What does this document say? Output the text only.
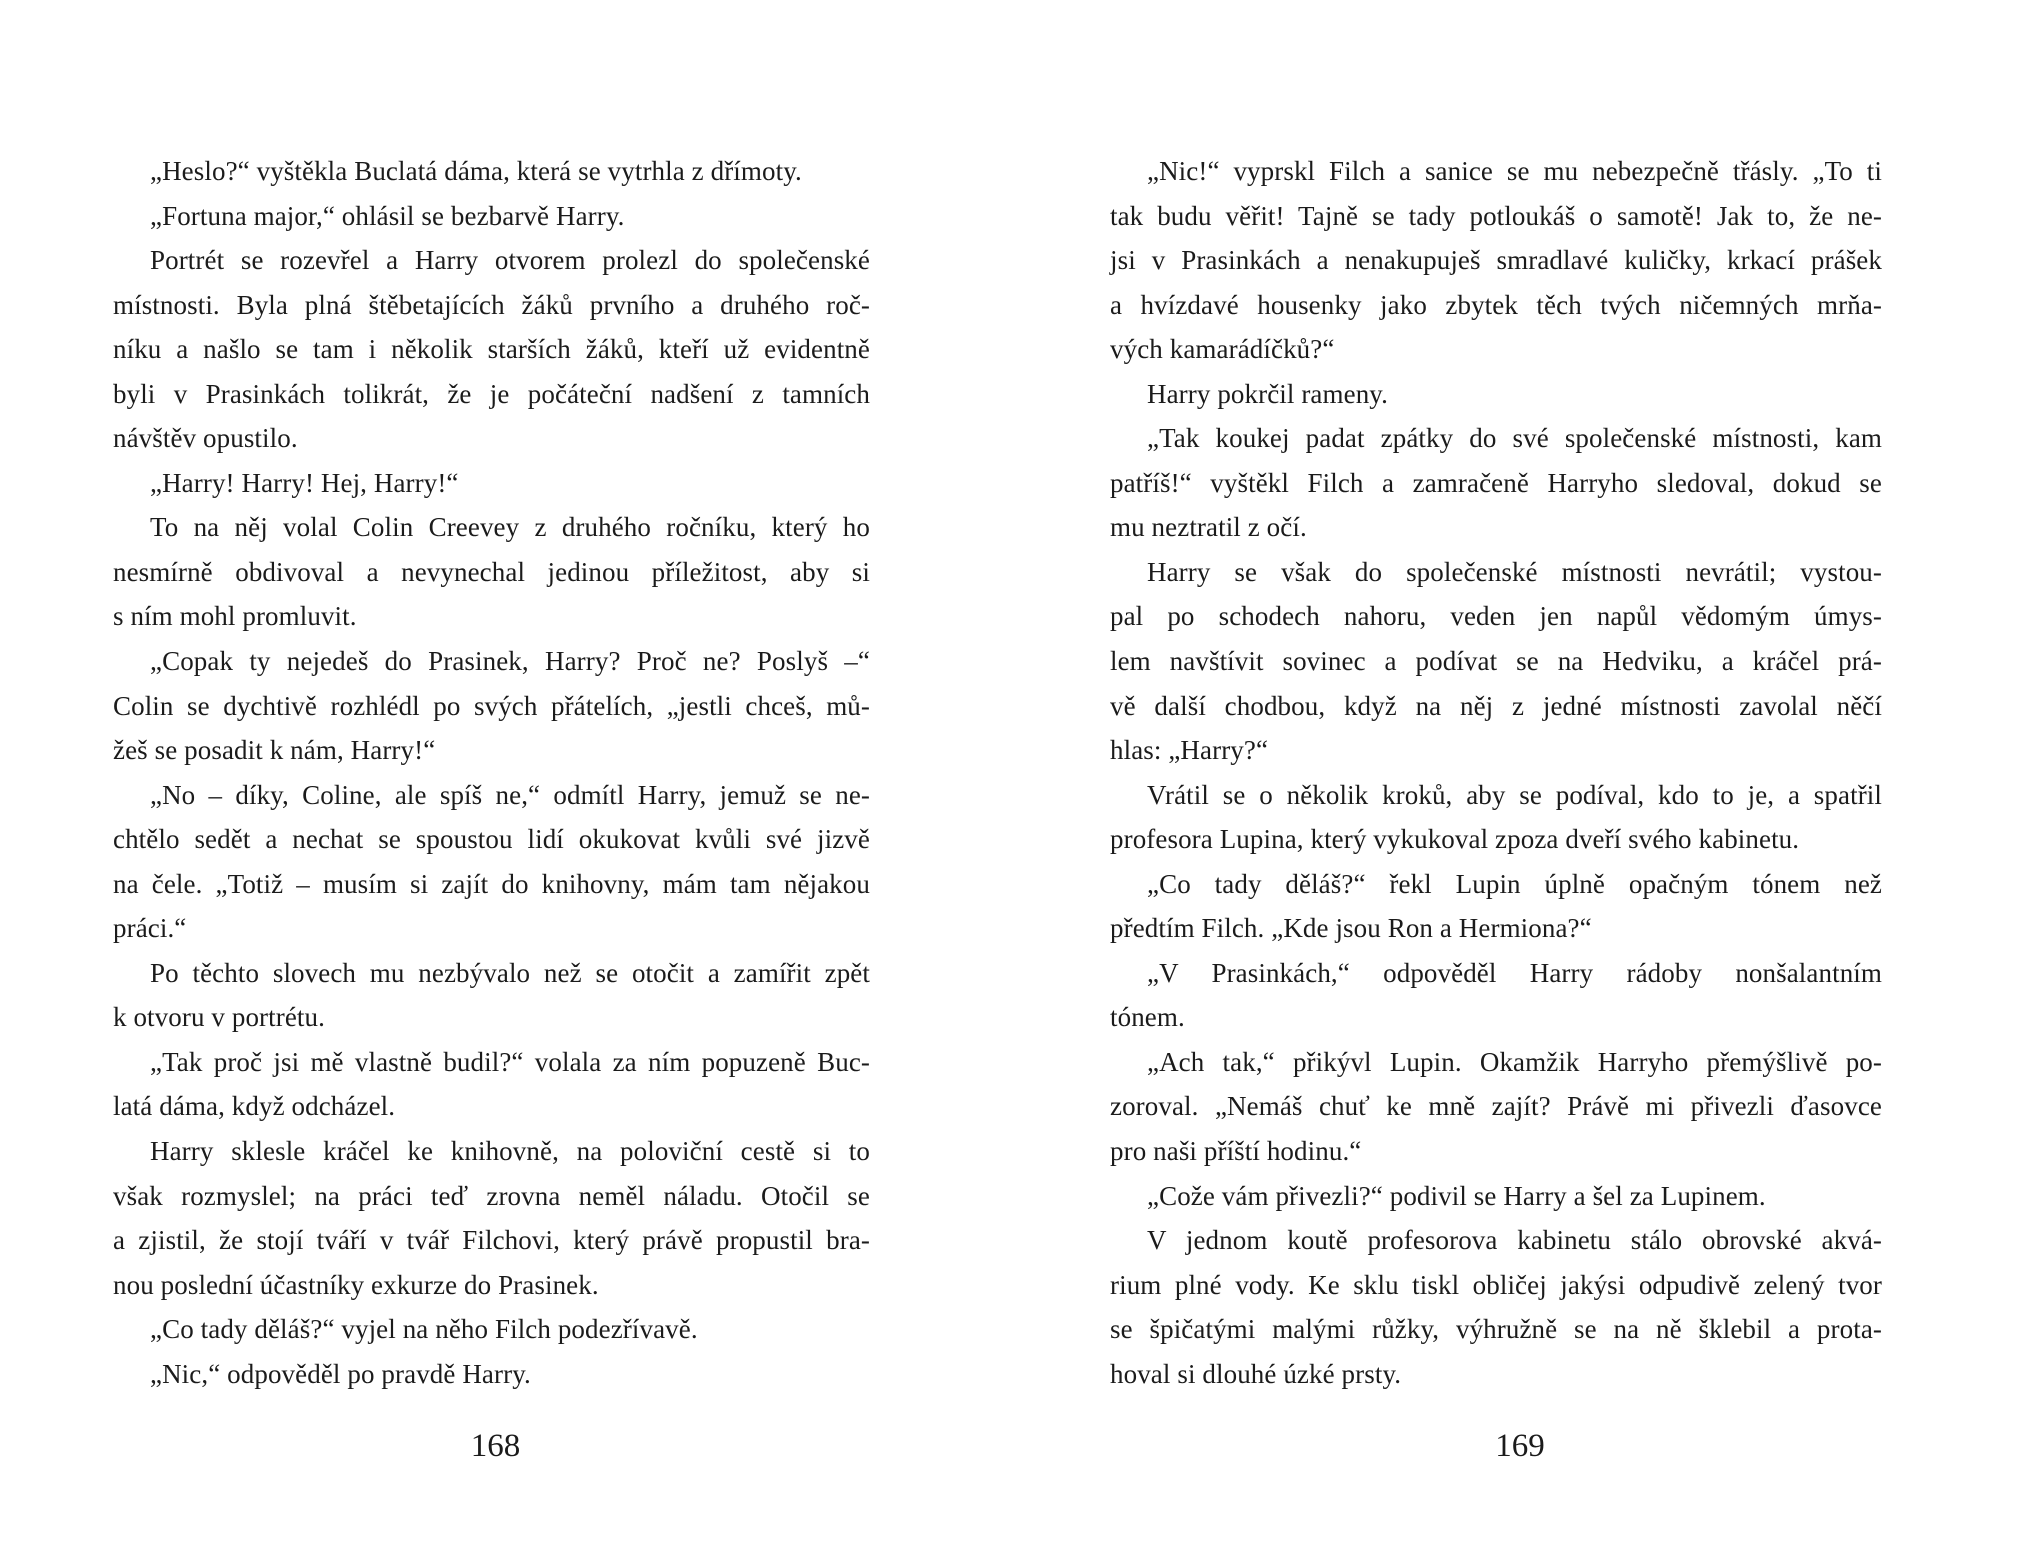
„Heslo?“ vyštěkla Buclatá dáma, která se vytrhla z dřímoty.
„Fortuna major,“ ohlásil se bezbarvě Harry.
Portrét se rozevřel a Harry otvorem prolezl do společenské
místnosti. Byla plná štěbetajících žáků prvního a druhého roč-
níku a našlo se tam i několik starších žáků, kteří už evidentně
byli v Prasinkách tolikrát, že je počáteční nadšení z tamních
návštěv opustilo.
„Harry! Harry! Hej, Harry!“
To na něj volal Colin Creevey z druhého ročníku, který ho
nesmírně obdivoval a nevynechal jedinou příležitost, aby si
s ním mohl promluvit.
„Copak ty nejedeš do Prasinek, Harry? Proč ne? Poslyš –“
Colin se dychtivě rozhlédl po svých přátelích, „jestli chceš, mů-
žeš se posadit k nám, Harry!“
„No – díky, Coline, ale spíš ne,“ odmítl Harry, jemuž se ne-
chtělo sedět a nechat se spoustou lidí okukovat kvůli své jizvě
na čele. „Totiž – musím si zajít do knihovny, mám tam nějakou
práci.“
Po těchto slovech mu nezbývalo než se otočit a zamířit zpět
k otvoru v portrétu.
„Tak proč jsi mě vlastně budil?“ volala za ním popuzeně Buc-
latá dáma, když odcházel.
Harry sklesle kráčel ke knihovně, na poloviční cestě si to
však rozmyslel; na práci teď zrovna neměl náladu. Otočil se
a zjistil, že stojí tváří v tvář Filchovi, který právě propustil bra-
nou poslední účastníky exkurze do Prasinek.
„Co tady děláš?“ vyjel na něho Filch podezřívavě.
„Nic,“ odpověděl po pravdě Harry.
„Nic!“ vyprskl Filch a sanice se mu nebezpečně třásly. „To ti
tak budu věřit! Tajně se tady potloukáš o samotě! Jak to, že ne-
jsi v Prasinkách a nenakupuješ smradlavé kuličky, krkací prášek
a hvízdavé housenky jako zbytek těch tvých ničemných mrňa-
vých kamarádíčků?“
Harry pokrčil rameny.
„Tak koukej padat zpátky do své společenské místnosti, kam
patříš!“ vyštěkl Filch a zamračeně Harryho sledoval, dokud se
mu neztratil z očí.
Harry se však do společenské místnosti nevrátil; vystou-
pal po schodech nahoru, veden jen napůl vědomým úmys-
lem navštívit sovinec a podívat se na Hedviku, a kráčel prá-
vě další chodbou, když na něj z jedné místnosti zavolal něčí
hlas: „Harry?“
Vrátil se o několik kroků, aby se podíval, kdo to je, a spatřil
profesora Lupina, který vykukoval zpoza dveří svého kabinetu.
„Co tady děláš?“ řekl Lupin úplně opačným tónem než
předtím Filch. „Kde jsou Ron a Hermiona?“
„V Prasinkách,“ odpověděl Harry rádoby nonšalantním
tónem.
„Ach tak,“ přikývl Lupin. Okamžik Harryho přemýšlivě po-
zoroval. „Nemáš chuť ke mně zajít? Právě mi přivezli ďasovce
pro naši příští hodinu.“
„Cože vám přivezli?“ podivil se Harry a šel za Lupinem.
V jednom koutě profesorova kabinetu stálo obrovské akvá-
rium plné vody. Ke sklu tiskl obličej jakýsi odpudivě zelený tvor
se špičatými malými růžky, výhružně se na ně šklebil a prota-
hoval si dlouhé úzké prsty.
168	169
